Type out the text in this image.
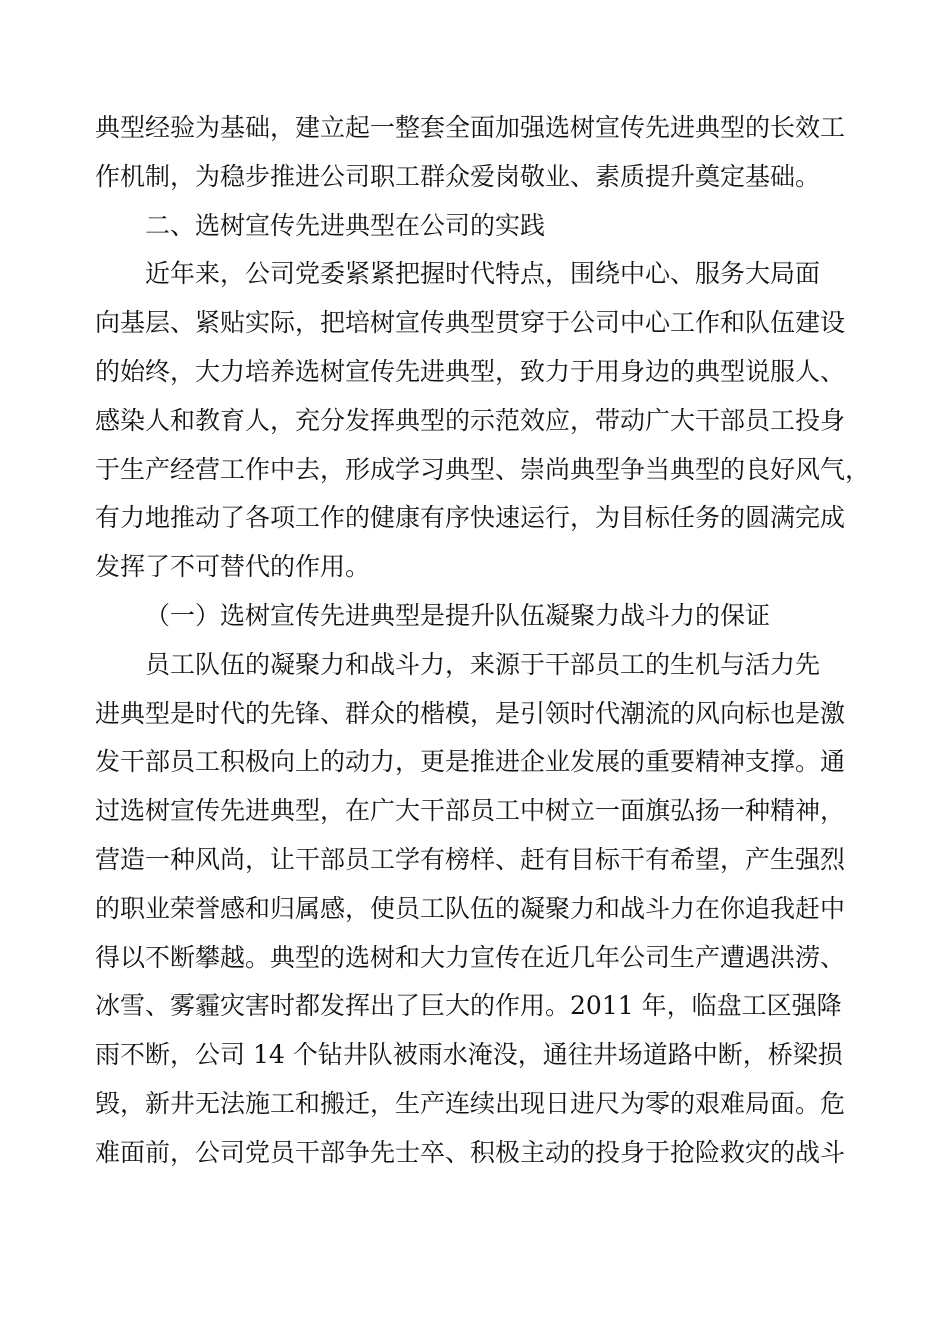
典型经验为基础，建立起一整套全面加强选树宣传先进典型的长效工
作机制，为稳步推进公司职工群众爱岗敬业、素质提升奠定基础。
二、选树宣传先进典型在公司的实践
近年来，公司党委紧紧把握时代特点，围绕中心、服务大局面
向基层、紧贴实际，把培树宣传典型贯穿于公司中心工作和队伍建设
的始终，大力培养选树宣传先进典型，致力于用身边的典型说服人、
感染人和教育人，充分发挥典型的示范效应，带动广大干部员工投身
于生产经营工作中去，形成学习典型、崇尚典型争当典型的良好风气，
有力地推动了各项工作的健康有序快速运行，为目标任务的圆满完成
发挥了不可替代的作用。
（一）选树宣传先进典型是提升队伍凝聚力战斗力的保证
员工队伍的凝聚力和战斗力，来源于干部员工的生机与活力先
进典型是时代的先锋、群众的楷模，是引领时代潮流的风向标也是激
发干部员工积极向上的动力，更是推进企业发展的重要精神支撑。通
过选树宣传先进典型，在广大干部员工中树立一面旗弘扬一种精神，
营造一种风尚，让干部员工学有榜样、赶有目标干有希望，产生强烈
的职业荣誉感和归属感，使员工队伍的凝聚力和战斗力在你追我赶中
得以不断攀越。典型的选树和大力宣传在近几年公司生产遭遇洪涝、
冰雪、雾霾灾害时都发挥出了巨大的作用。2011 年，临盘工区强降
雨不断，公司 14 个钻井队被雨水淹没，通往井场道路中断，桥梁损
毁，新井无法施工和搬迁，生产连续出现日进尺为零的艰难局面。危
难面前，公司党员干部争先士卒、积极主动的投身于抢险救灾的战斗
